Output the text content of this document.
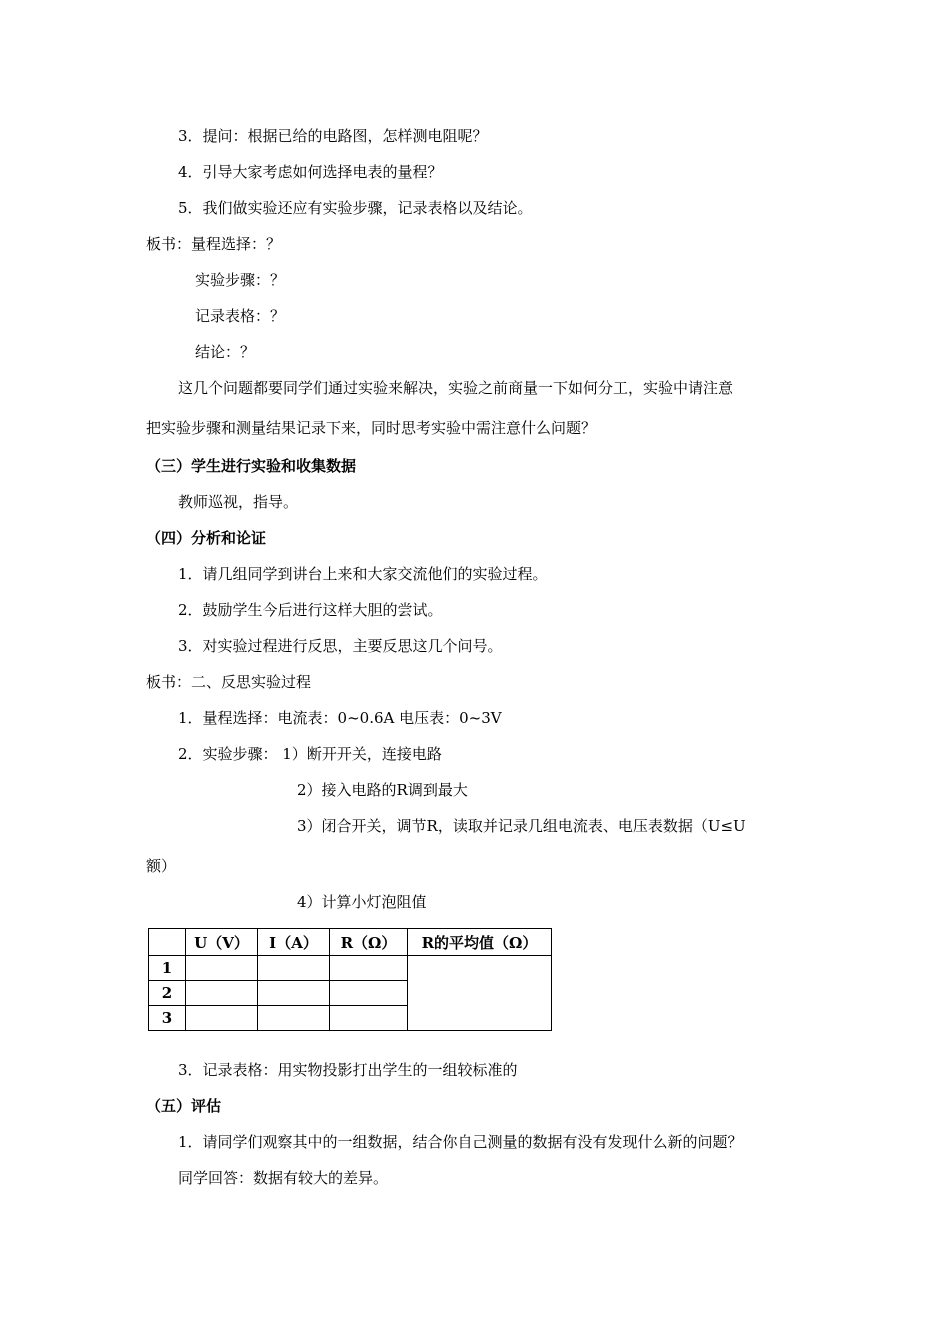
3．提问：根据已给的电路图，怎样测电阻呢？
4．引导大家考虑如何选择电表的量程？
5．我们做实验还应有实验步骤，记录表格以及结论。
板书：量程选择：？
实验步骤：？
记录表格：？
结论：？
这几个问题都要同学们通过实验来解决，实验之前商量一下如何分工，实验中请注意
把实验步骤和测量结果记录下来，同时思考实验中需注意什么问题？
（三）学生进行实验和收集数据
教师巡视，指导。
（四）分析和论证
1．请几组同学到讲台上来和大家交流他们的实验过程。
2．鼓励学生今后进行这样大胆的尝试。
3．对实验过程进行反思，主要反思这几个问号。
板书：二、反思实验过程
1．量程选择：电流表：0~0.6A 电压表：0~3V
2．实验步骤： 1）断开开关，连接电路
2）接入电路的R调到最大
3）闭合开关，调节R，读取并记录几组电流表、电压表数据（U≤U
额）
4）计算小灯泡阻值
	U（V）	I（A）	R（Ω）	R的平均值（Ω）
1				
2				
3				
3．记录表格：用实物投影打出学生的一组较标准的
（五）评估
1．请同学们观察其中的一组数据，结合你自己测量的数据有没有发现什么新的问题？
同学回答：数据有较大的差异。
